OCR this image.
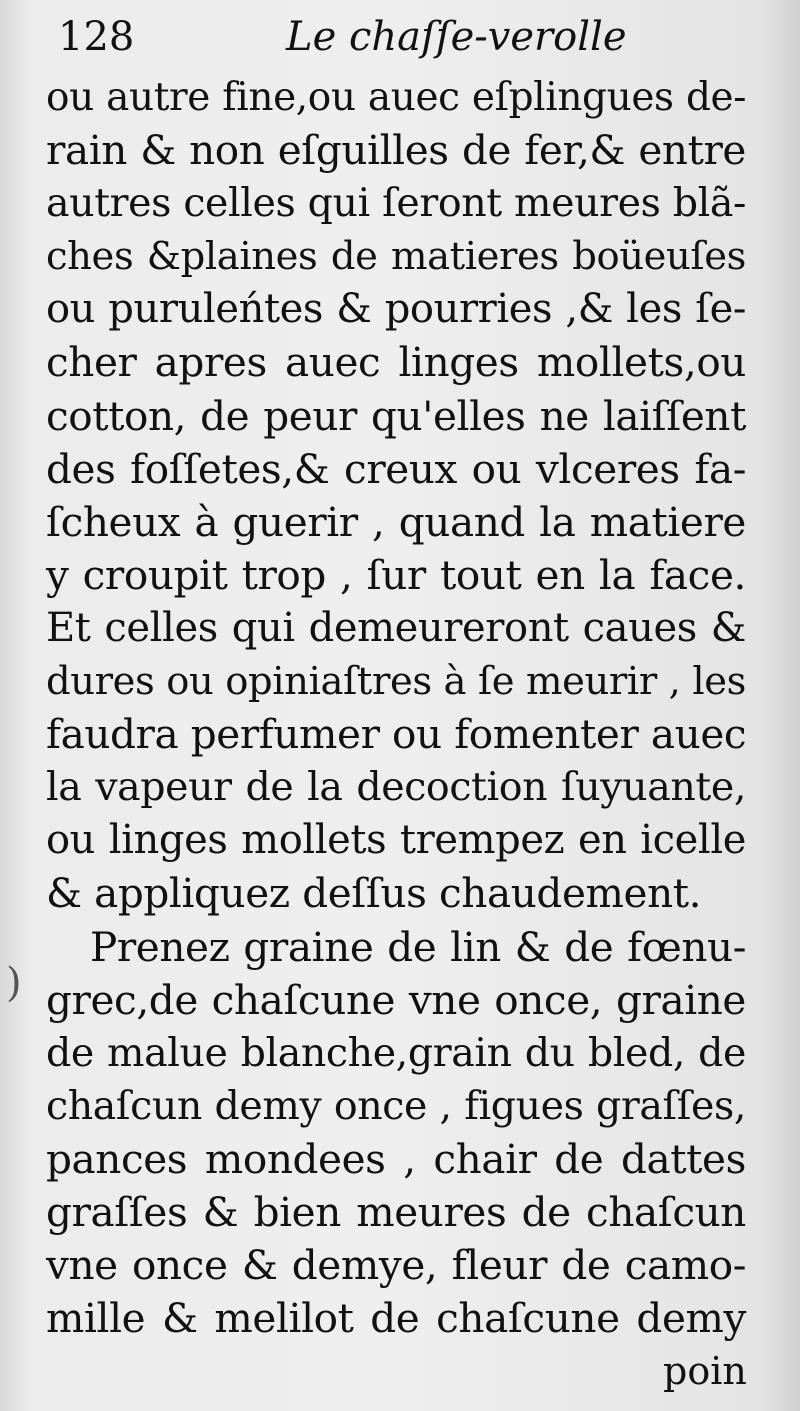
128	Le chaſſe-verolle
ou autre fine,ou auec eſplingues de-
rain & non eſguilles de fer,& entre
autres celles qui ſeront meures blã-
ches &plaines de matieres boüeuſes
ou puruleńtes & pourries ,& les ſe-
cher apres auec linges mollets,ou
cotton, de peur qu'elles ne laiſſent
des foſſetes,& creux ou vlceres fa-
ſcheux à guerir , quand la matiere
y croupit trop , ſur tout en la face.
Et celles qui demeureront caues &
dures ou opiniaſtres à ſe meurir , les
faudra perfumer ou fomenter auec
la vapeur de la decoction ſuyuante,
ou linges mollets trempez en icelle
& appliquez deſſus chaudement.
Prenez graine de lin & de fœnu-
grec,de chaſcune vne once, graine
de malue blanche,grain du bled, de
chaſcun demy once , figues graſſes,
pances mondees , chair de dattes
graſſes & bien meures de chaſcun
vne once & demye, fleur de camo-
mille & melilot de chaſcune demy
)
poin
